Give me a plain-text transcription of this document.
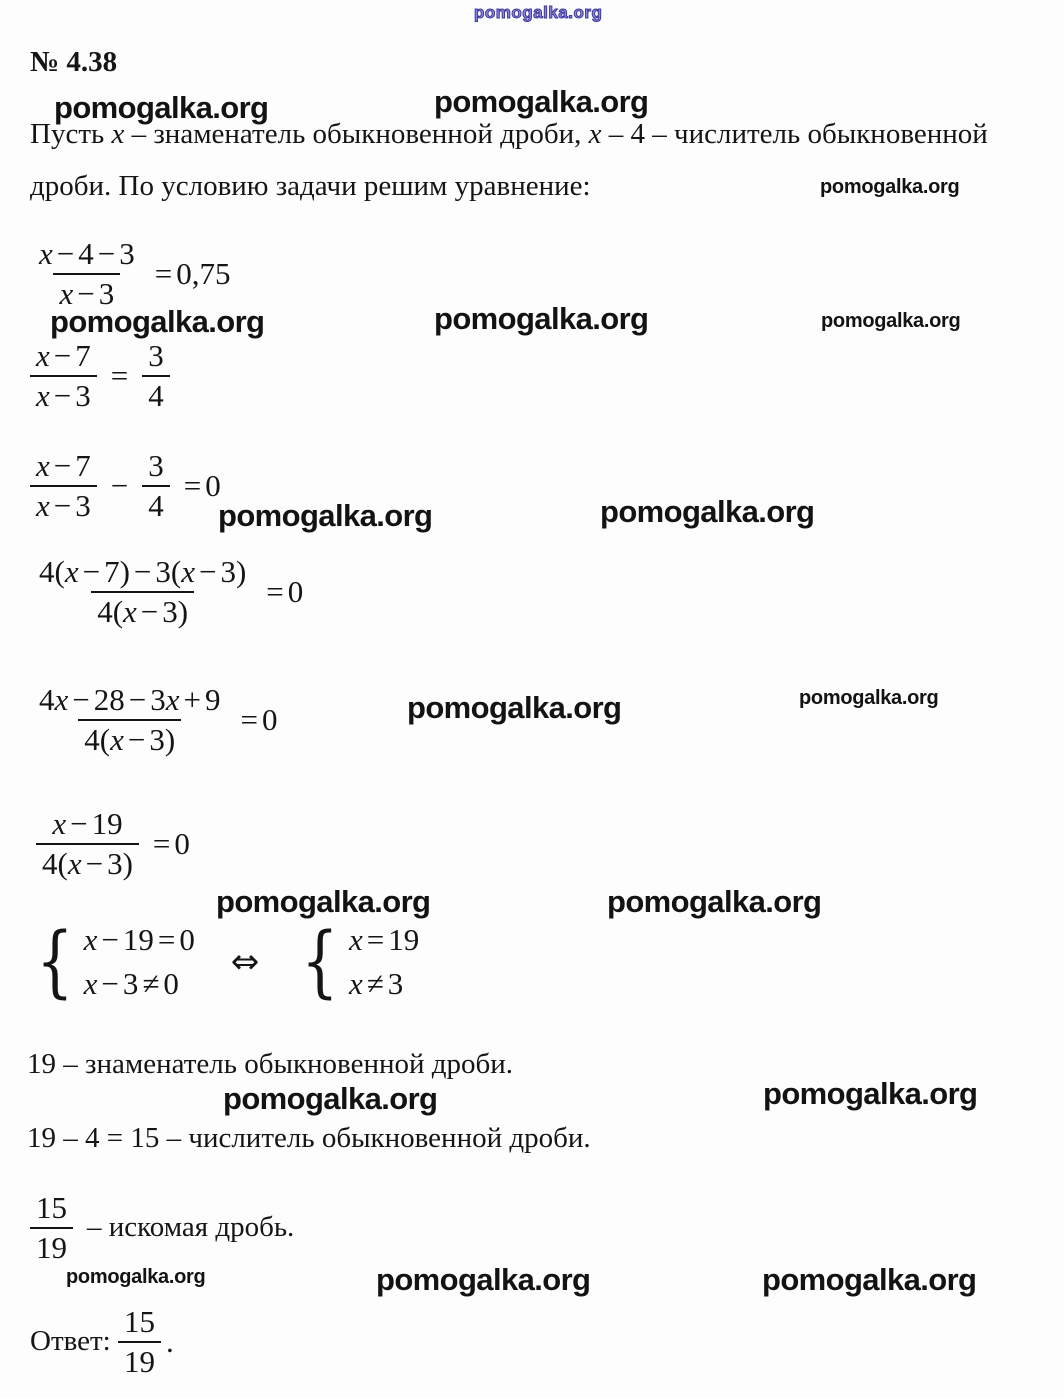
pomogalka.org
pomogalka.org	pomogalka.org
pomogalka.org
pomogalka.org	pomogalka.org	pomogalka.org
pomogalka.org	pomogalka.org
pomogalka.org	pomogalka.org
pomogalka.org	pomogalka.org
pomogalka.org	pomogalka.org
pomogalka.org	pomogalka.org	pomogalka.org
№ 4.38
Пусть x – знаменатель обыкновенной дроби, x – 4 – числитель обыкновенной
дроби. По условию задачи решим уравнение:
$\frac{x - 4 - 3}{x - 3} = 0,75$
$\frac{x - 7}{x - 3} = \frac{3}{4}$
$\frac{x - 7}{x - 3} - \frac{3}{4} = 0$
$\frac{4(x - 7) - 3(x - 3)}{4(x - 3)} = 0$
$\frac{4x - 28 - 3x + 9}{4(x - 3)} = 0$
$\frac{x - 19}{4(x - 3)} = 0$
{ x − 19 = 0
x − 3 ≠ 0
⇔ { x = 19
x ≠ 3
19 – знаменатель обыкновенной дроби.
19 – 4 = 15 – числитель обыкновенной дроби.
$\frac{15}{19}$ – искомая дробь.
Ответ: $\frac{15}{19}$ .
